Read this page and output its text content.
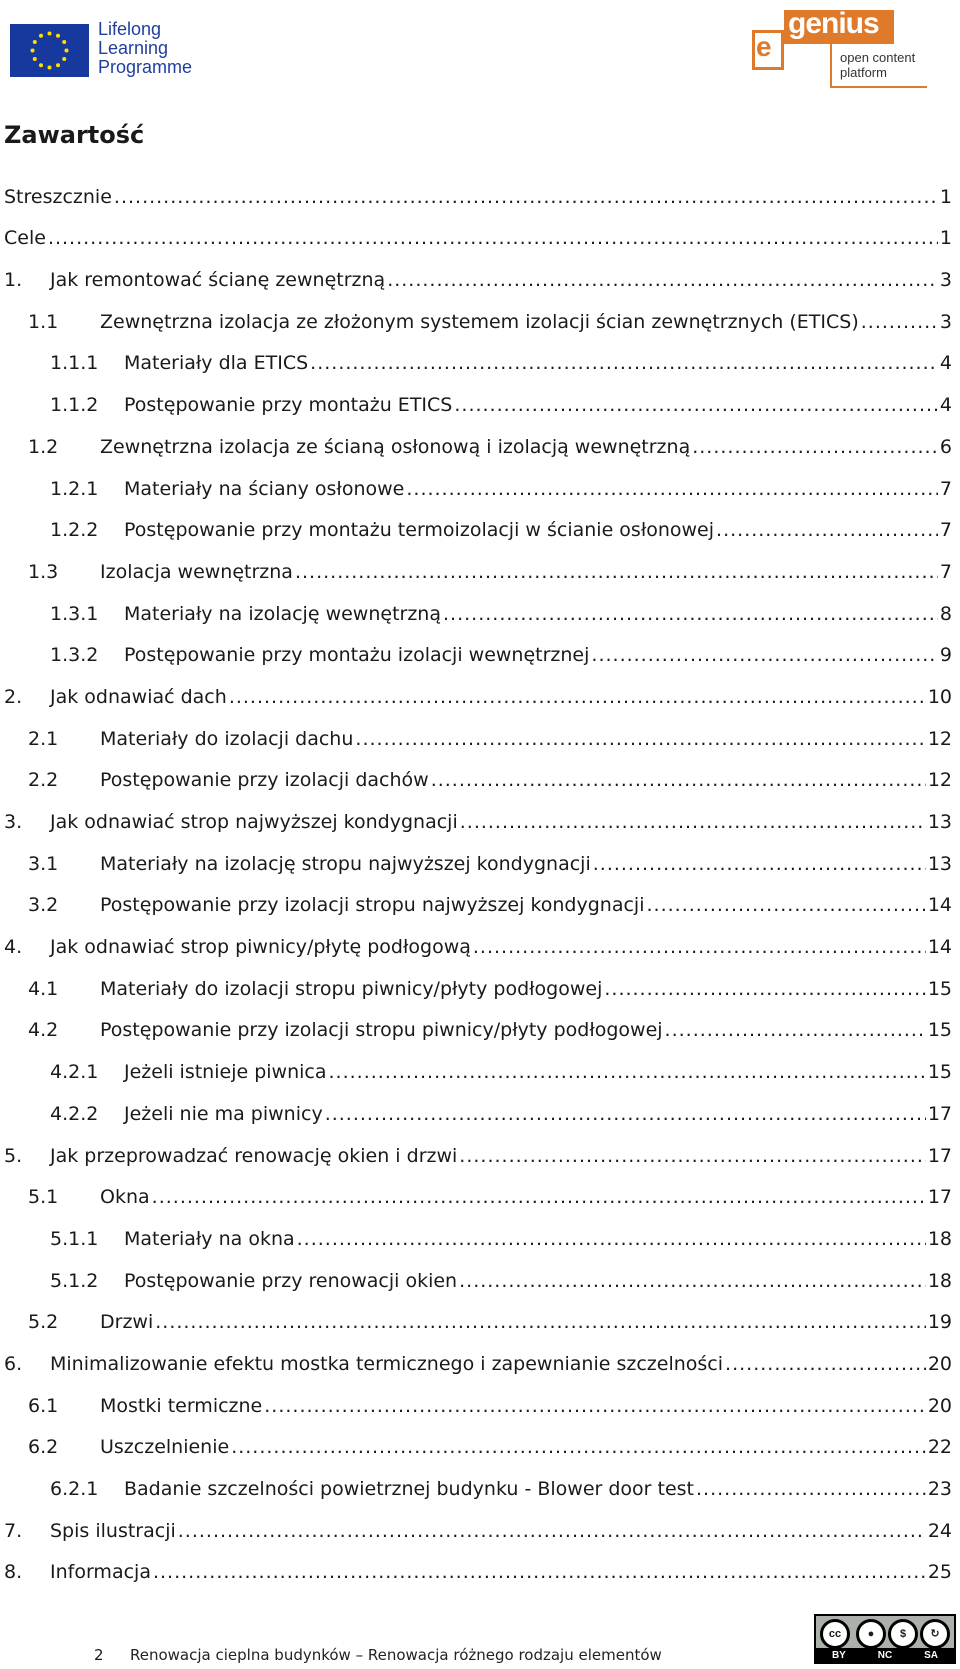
Lifelong
Learning
Programme
e
genius
open content
platform
Zawartość
Streszcznie .....	1
Cele .....	1
1.	Jak remontować ścianę zewnętrzną .....	3
1.1	Zewnętrzna izolacja ze złożonym systemem izolacji ścian zewnętrznych (ETICS) .....	3
1.1.1	Materiały dla ETICS .....	4
1.1.2	Postępowanie przy montażu ETICS .....	4
1.2	Zewnętrzna izolacja ze ścianą osłonową i izolacją wewnętrzną .....	6
1.2.1	Materiały na ściany osłonowe .....	7
1.2.2	Postępowanie przy montażu termoizolacji w ścianie osłonowej .....	7
1.3	Izolacja wewnętrzna .....	7
1.3.1	Materiały na izolację wewnętrzną .....	8
1.3.2	Postępowanie przy montażu izolacji wewnętrznej .....	9
2.	Jak odnawiać dach .....	10
2.1	Materiały do izolacji dachu .....	12
2.2	Postępowanie przy izolacji dachów .....	12
3.	Jak odnawiać strop najwyższej kondygnacji .....	13
3.1	Materiały na izolację stropu najwyższej kondygnacji .....	13
3.2	Postępowanie przy izolacji stropu najwyższej kondygnacji .....	14
4.	Jak odnawiać strop piwnicy/płytę podłogową .....	14
4.1	Materiały do izolacji stropu piwnicy/płyty podłogowej .....	15
4.2	Postępowanie przy izolacji stropu piwnicy/płyty podłogowej .....	15
4.2.1	Jeżeli istnieje piwnica .....	15
4.2.2	Jeżeli nie ma piwnicy .....	17
5.	Jak przeprowadzać renowację okien i drzwi .....	17
5.1	Okna .....	17
5.1.1	Materiały na okna .....	18
5.1.2	Postępowanie przy renowacji okien .....	18
5.2	Drzwi .....	19
6.	Minimalizowanie efektu mostka termicznego i zapewnianie szczelności .....	20
6.1	Mostki termiczne .....	20
6.2	Uszczelnienie .....	22
6.2.1	Badanie szczelności powietrznej budynku - Blower door test .....	23
7.	Spis ilustracji .....	24
8.	Informacja .....	25
2 Renowacja cieplna budynków – Renowacja różnego rodzaju elementów
cc	●	$	↻
BY	NC	SA
